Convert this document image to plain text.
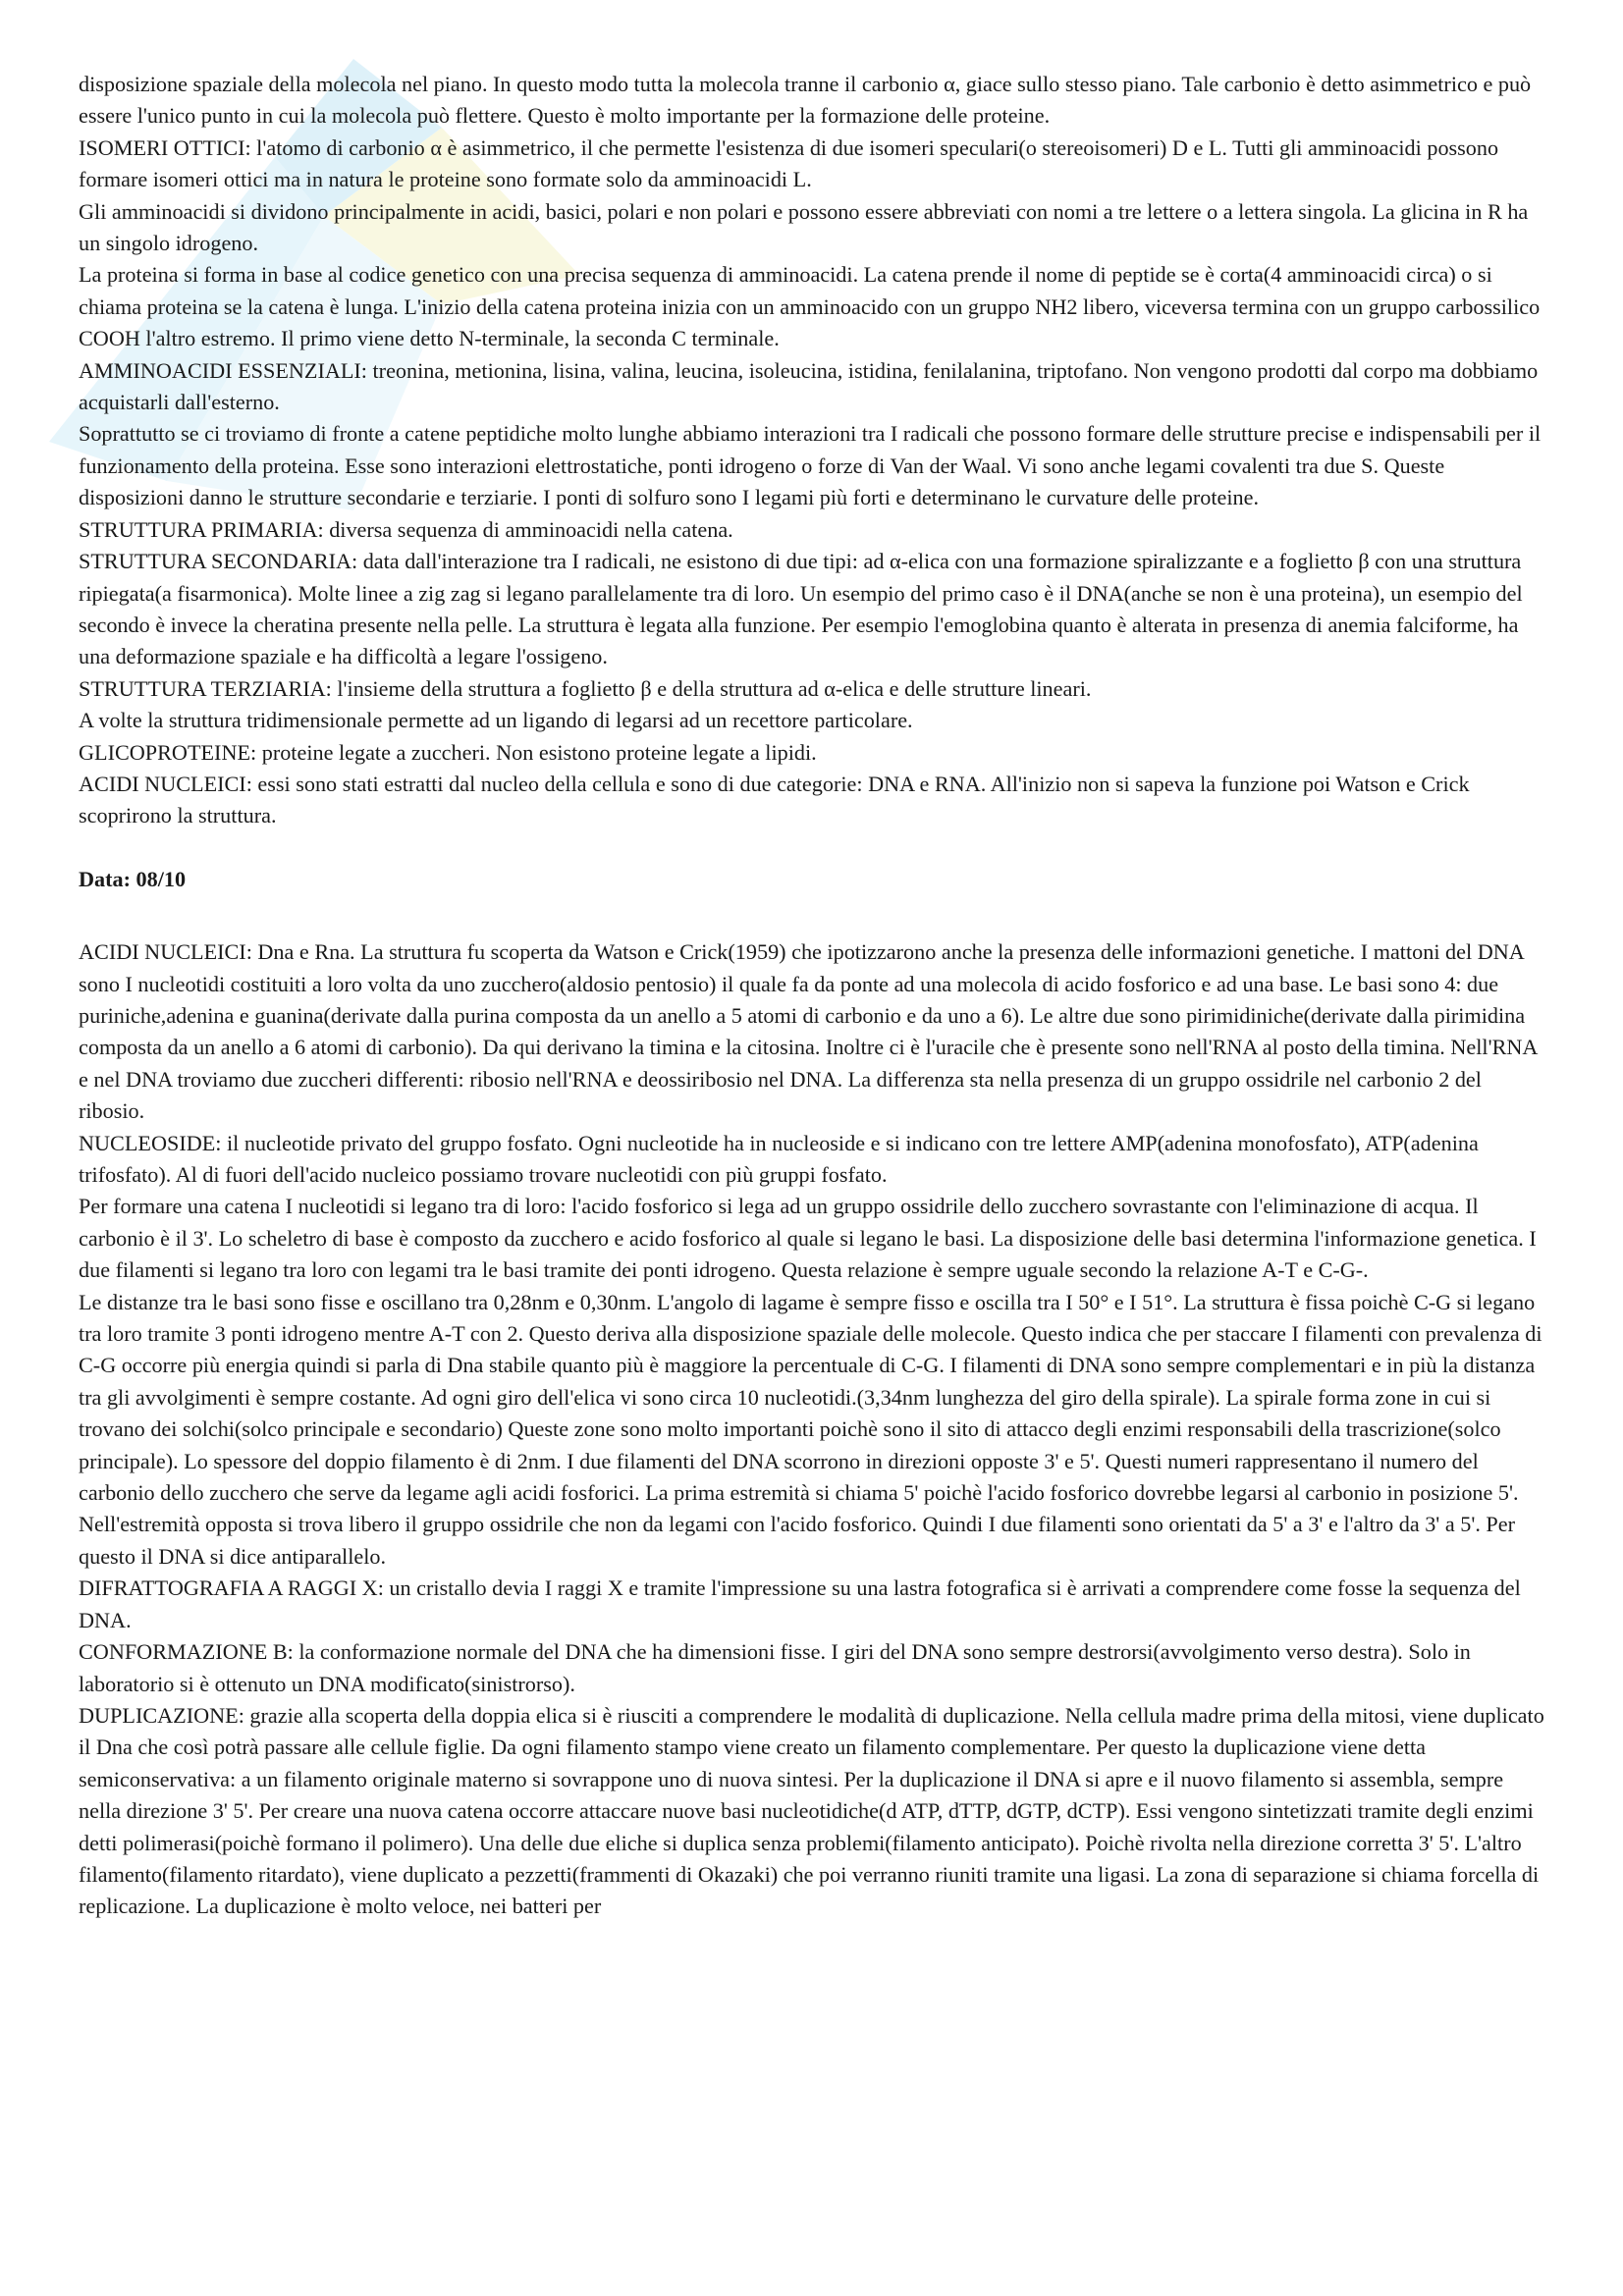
disposizione spaziale della molecola nel piano. In questo modo tutta la molecola tranne il carbonio α, giace sullo stesso piano. Tale carbonio è detto asimmetrico e può essere l'unico punto in cui la molecola può flettere. Questo è molto importante per la formazione delle proteine.

ISOMERI OTTICI: l'atomo di carbonio α è asimmetrico, il che permette l'esistenza di due isomeri speculari(o stereoisomeri) D e L. Tutti gli amminoacidi possono formare isomeri ottici ma in natura le proteine sono formate solo da amminoacidi L.

Gli amminoacidi si dividono principalmente in acidi, basici, polari e non polari e possono essere abbreviati con nomi a tre lettere o a lettera singola. La glicina in R ha un singolo idrogeno.

La proteina si forma in base al codice genetico con una precisa sequenza di amminoacidi. La catena prende il nome di peptide se è corta(4 amminoacidi circa) o si chiama proteina se la catena è lunga. L'inizio della catena proteina inizia con un amminoacido con un gruppo NH2 libero, viceversa termina con un gruppo carbossilico COOH l'altro estremo. Il primo viene detto N-terminale, la seconda C terminale.

AMMINOACIDI ESSENZIALI: treonina, metionina, lisina, valina, leucina, isoleucina, istidina, fenilalanina, triptofano. Non vengono prodotti dal corpo ma dobbiamo acquistarli dall'esterno.

Soprattutto se ci troviamo di fronte a catene peptidiche molto lunghe abbiamo interazioni tra I radicali che possono formare delle strutture precise e indispensabili per il funzionamento della proteina. Esse sono interazioni elettrostatiche, ponti idrogeno o forze di Van der Waal. Vi sono anche legami covalenti tra due S. Queste disposizioni danno le strutture secondarie e terziarie. I ponti di solfuro sono I legami più forti e determinano le curvature delle proteine.

STRUTTURA PRIMARIA: diversa sequenza di amminoacidi nella catena.

STRUTTURA SECONDARIA: data dall'interazione tra I radicali, ne esistono di due tipi: ad α-elica con una formazione spiralizzante e a foglietto β con una struttura ripiegata(a fisarmonica). Molte linee a zig zag si legano parallelamente tra di loro. Un esempio del primo caso è il DNA(anche se non è una proteina), un esempio del secondo è invece la cheratina presente nella pelle. La struttura è legata alla funzione. Per esempio l'emoglobina quanto è alterata in presenza di anemia falciforme, ha una deformazione spaziale e ha difficoltà a legare l'ossigeno.

STRUTTURA TERZIARIA: l'insieme della struttura a foglietto β e della struttura ad α-elica e delle strutture lineari.

A volte la struttura tridimensionale permette ad un ligando di legarsi ad un recettore particolare.

GLICOPROTEINE: proteine legate a zuccheri. Non esistono proteine legate a lipidi.

ACIDI NUCLEICI: essi sono stati estratti dal nucleo della cellula e sono di due categorie: DNA e RNA. All'inizio non si sapeva la funzione poi Watson e Crick scoprirono la struttura.

Data: 08/10

ACIDI NUCLEICI: Dna e Rna. La struttura fu scoperta da Watson e Crick(1959) che ipotizzarono anche la presenza delle informazioni genetiche. I mattoni del DNA sono I nucleotidi costituiti a loro volta da uno zucchero(aldosio pentosio) il quale fa da ponte ad una molecola di acido fosforico e ad una base. Le basi sono 4: due puriniche,adenina e guanina(derivate dalla purina composta da un anello a 5 atomi di carbonio e da uno a 6). Le altre due sono pirimidiniche(derivate dalla pirimidina composta da un anello a 6 atomi di carbonio). Da qui derivano la timina e la citosina. Inoltre ci è l'uracile che è presente sono nell'RNA al posto della timina. Nell'RNA e nel DNA troviamo due zuccheri differenti: ribosio nell'RNA e deossiribosio nel DNA. La differenza sta nella presenza di un gruppo ossidrile nel carbonio 2 del ribosio.

NUCLEOSIDE: il nucleotide privato del gruppo fosfato. Ogni nucleotide ha in nucleoside e si indicano con tre lettere AMP(adenina monofosfato), ATP(adenina trifosfato). Al di fuori dell'acido nucleico possiamo trovare nucleotidi con più gruppi fosfato.

Per formare una catena I nucleotidi si legano tra di loro: l'acido fosforico si lega ad un gruppo ossidrile dello zucchero sovrastante con l'eliminazione di acqua. Il carbonio è il 3'. Lo scheletro di base è composto da zucchero e acido fosforico al quale si legano le basi. La disposizione delle basi determina l'informazione genetica. I due filamenti si legano tra loro con legami tra le basi tramite dei ponti idrogeno. Questa relazione è sempre uguale secondo la relazione A-T e C-G-.

Le distanze tra le basi sono fisse e oscillano tra 0,28nm e 0,30nm. L'angolo di lagame è sempre fisso e oscilla tra I 50° e I 51°. La struttura è fissa poichè C-G si legano tra loro tramite 3 ponti idrogeno mentre A-T con 2. Questo deriva alla disposizione spaziale delle molecole. Questo indica che per staccare I filamenti con prevalenza di C-G occorre più energia quindi si parla di Dna stabile quanto più è maggiore la percentuale di C-G. I filamenti di DNA sono sempre complementari e in più la distanza tra gli avvolgimenti è sempre costante. Ad ogni giro dell'elica vi sono circa 10 nucleotidi.(3,34nm lunghezza del giro della spirale). La spirale forma zone in cui si trovano dei solchi(solco principale e secondario) Queste zone sono molto importanti poichè sono il sito di attacco degli enzimi responsabili della trascrizione(solco principale). Lo spessore del doppio filamento è di 2nm. I due filamenti del DNA scorrono in direzioni opposte 3' e 5'. Questi numeri rappresentano il numero del carbonio dello zucchero che serve da legame agli acidi fosforici. La prima estremità si chiama 5' poichè l'acido fosforico dovrebbe legarsi al carbonio in posizione 5'. Nell'estremità opposta si trova libero il gruppo ossidrile che non da legami con l'acido fosforico. Quindi I due filamenti sono orientati da 5' a 3' e l'altro da 3' a 5'. Per questo il DNA si dice antiparallelo.

DIFRATTOGRAFIA A RAGGI X: un cristallo devia I raggi X e tramite l'impressione su una lastra fotografica si è arrivati a comprendere come fosse la sequenza del DNA.

CONFORMAZIONE B: la conformazione normale del DNA che ha dimensioni fisse. I giri del DNA sono sempre destrorsi(avvolgimento verso destra). Solo in laboratorio si è ottenuto un DNA modificato(sinistrorso).

DUPLICAZIONE: grazie alla scoperta della doppia elica si è riusciti a comprendere le modalità di duplicazione. Nella cellula madre prima della mitosi, viene duplicato il Dna che così potrà passare alle cellule figlie. Da ogni filamento stampo viene creato un filamento complementare. Per questo la duplicazione viene detta semiconservativa: a un filamento originale materno si sovrappone uno di nuova sintesi. Per la duplicazione il DNA si apre e il nuovo filamento si assembla, sempre nella direzione 3' 5'. Per creare una nuova catena occorre attaccare nuove basi nucleotidiche(d ATP, dTTP, dGTP, dCTP). Essi vengono sintetizzati tramite degli enzimi detti polimerasi(poichè formano il polimero). Una delle due eliche si duplica senza problemi(filamento anticipato). Poichè rivolta nella direzione corretta 3' 5'. L'altro filamento(filamento ritardato), viene duplicato a pezzetti(frammenti di Okazaki) che poi verranno riuniti tramite una ligasi. La zona di separazione si chiama forcella di replicazione. La duplicazione è molto veloce, nei batteri per
